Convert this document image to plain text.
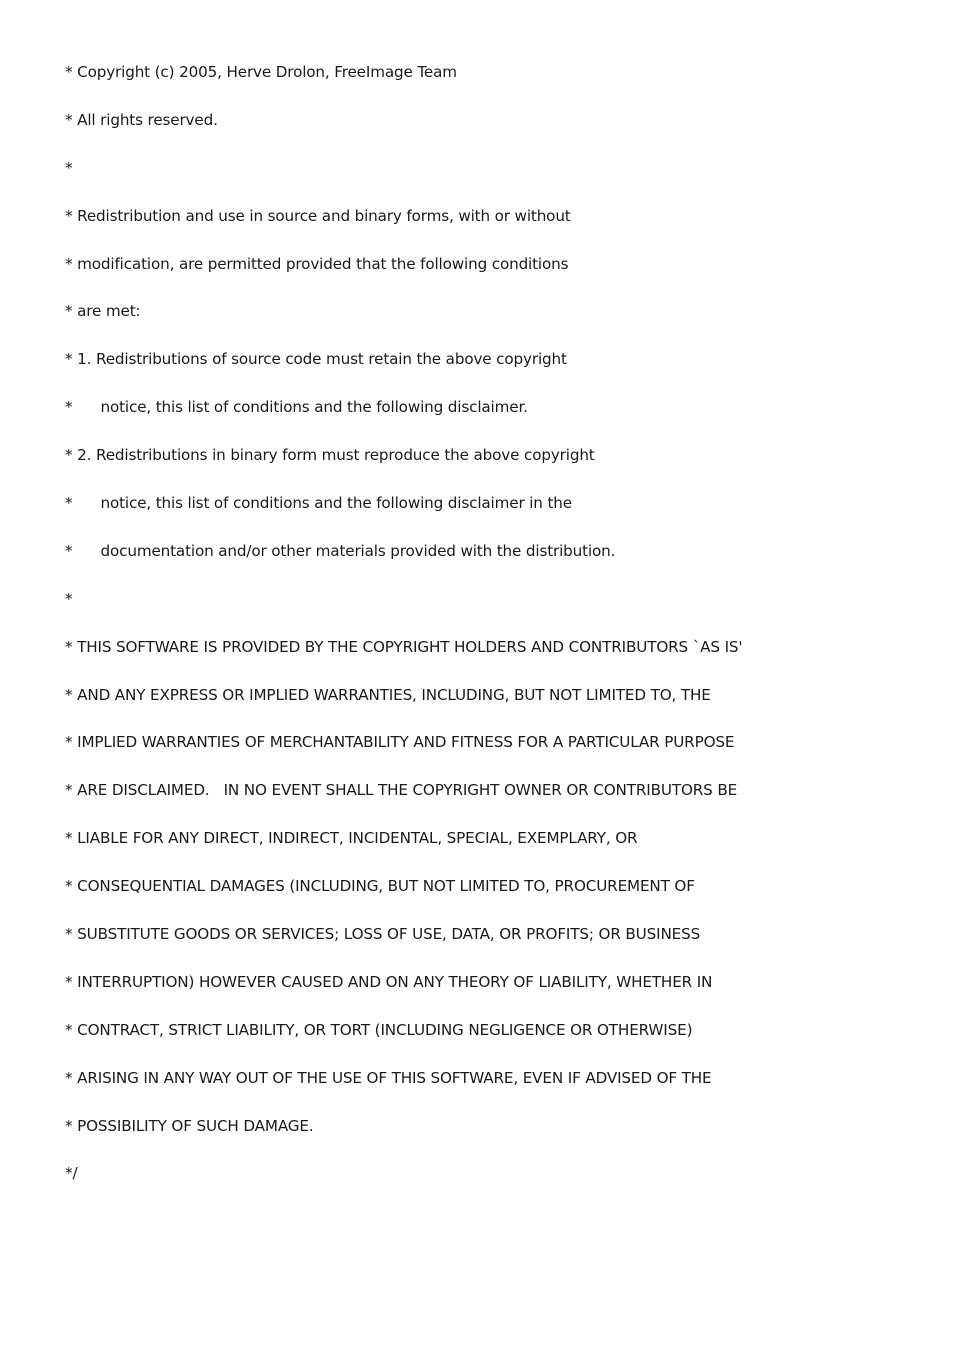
* Copyright (c) 2005, Herve Drolon, FreeImage Team
* All rights reserved.
*
* Redistribution and use in source and binary forms, with or without
* modification, are permitted provided that the following conditions
* are met:
* 1. Redistributions of source code must retain the above copyright
*      notice, this list of conditions and the following disclaimer.
* 2. Redistributions in binary form must reproduce the above copyright
*      notice, this list of conditions and the following disclaimer in the
*      documentation and/or other materials provided with the distribution.
*
* THIS SOFTWARE IS PROVIDED BY THE COPYRIGHT HOLDERS AND CONTRIBUTORS `AS IS'
* AND ANY EXPRESS OR IMPLIED WARRANTIES, INCLUDING, BUT NOT LIMITED TO, THE
* IMPLIED WARRANTIES OF MERCHANTABILITY AND FITNESS FOR A PARTICULAR PURPOSE
* ARE DISCLAIMED.   IN NO EVENT SHALL THE COPYRIGHT OWNER OR CONTRIBUTORS BE
* LIABLE FOR ANY DIRECT, INDIRECT, INCIDENTAL, SPECIAL, EXEMPLARY, OR
* CONSEQUENTIAL DAMAGES (INCLUDING, BUT NOT LIMITED TO, PROCUREMENT OF
* SUBSTITUTE GOODS OR SERVICES; LOSS OF USE, DATA, OR PROFITS; OR BUSINESS
* INTERRUPTION) HOWEVER CAUSED AND ON ANY THEORY OF LIABILITY, WHETHER IN
* CONTRACT, STRICT LIABILITY, OR TORT (INCLUDING NEGLIGENCE OR OTHERWISE)
* ARISING IN ANY WAY OUT OF THE USE OF THIS SOFTWARE, EVEN IF ADVISED OF THE
* POSSIBILITY OF SUCH DAMAGE.
*/
